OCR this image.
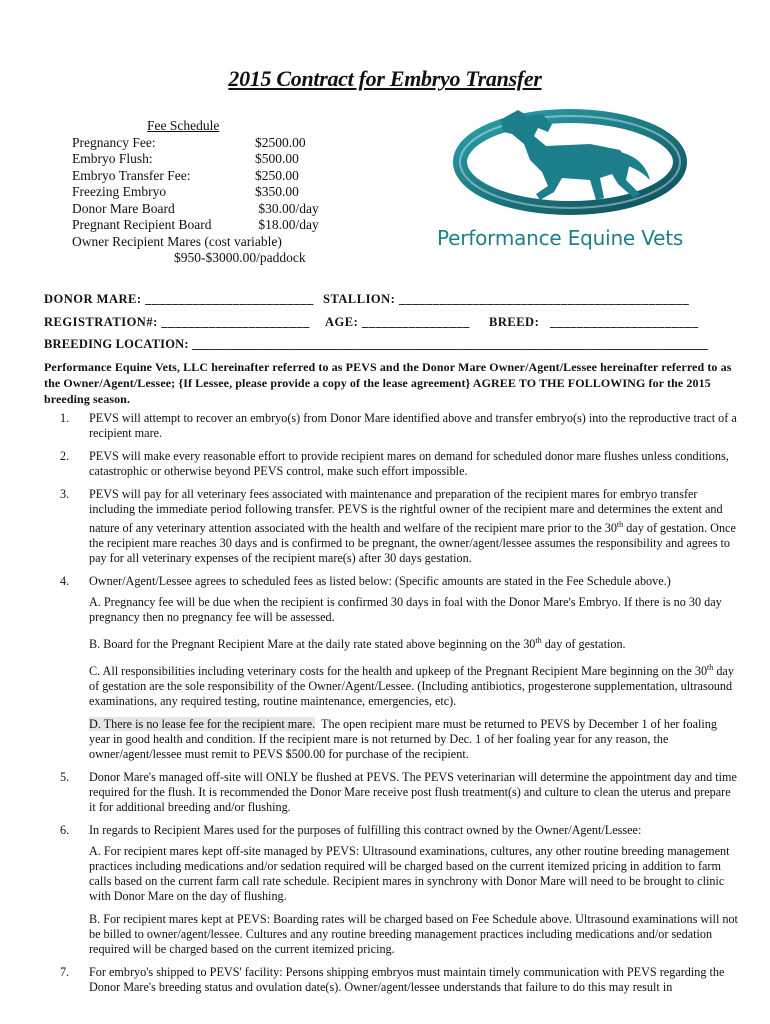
2015 Contract for Embryo Transfer
Fee Schedule
Pregnancy Fee:	$2500.00
Embryo Flush:	$500.00
Embryo Transfer Fee:	$250.00
Freezing Embryo	$350.00
Donor Mare Board	$30.00/day
Pregnant Recipient Board	$18.00/day
Owner Recipient Mares (cost variable)
$950-$3000.00/paddock
Performance Equine Vets
DONOR MARE: _________________________ STALLION: ___________________________________________
REGISTRATION#: ______________________ AGE: ________________ BREED:   ______________________
BREEDING LOCATION: ________________________________________________________________________________
Performance Equine Vets, LLC hereinafter referred to as PEVS and the Donor Mare Owner/Agent/Lessee hereinafter referred to as the Owner/Agent/Lessee; {If Lessee, please provide a copy of the lease agreement} AGREE TO THE FOLLOWING for the 2015 breeding season.
1.	PEVS will attempt to recover an embryo(s) from Donor Mare identified above and transfer embryo(s) into the reproductive tract of a recipient mare.
2.	PEVS will make every reasonable effort to provide recipient mares on demand for scheduled donor mare flushes unless conditions, catastrophic or otherwise beyond PEVS control, make such effort impossible.
3.	PEVS will pay for all veterinary fees associated with maintenance and preparation of the recipient mares for embryo transfer including the immediate period following transfer. PEVS is the rightful owner of the recipient mare and determines the extent and nature of any veterinary attention associated with the health and welfare of the recipient mare prior to the 30th day of gestation. Once the recipient mare reaches 30 days and is confirmed to be pregnant, the owner/agent/lessee assumes the responsibility and agrees to pay for all veterinary expenses of the recipient mare(s) after 30 days gestation.
4.	Owner/Agent/Lessee agrees to scheduled fees as listed below: (Specific amounts are stated in the Fee Schedule above.)
A. Pregnancy fee will be due when the recipient is confirmed 30 days in foal with the Donor Mare's Embryo. If there is no 30 day pregnancy then no pregnancy fee will be assessed.
B. Board for the Pregnant Recipient Mare at the daily rate stated above beginning on the 30th day of gestation.
C. All responsibilities including veterinary costs for the health and upkeep of the Pregnant Recipient Mare beginning on the 30th day of gestation are the sole responsibility of the Owner/Agent/Lessee. (Including antibiotics, progesterone supplementation, ultrasound examinations, any required testing, routine maintenance, emergencies, etc).
D. There is no lease fee for the recipient mare.  The open recipient mare must be returned to PEVS by December 1 of her foaling year in good health and condition. If the recipient mare is not returned by Dec. 1 of her foaling year for any reason, the owner/agent/lessee must remit to PEVS $500.00 for purchase of the recipient.
5.	Donor Mare's managed off-site will ONLY be flushed at PEVS. The PEVS veterinarian will determine the appointment day and time required for the flush. It is recommended the Donor Mare receive post flush treatment(s) and culture to clean the uterus and prepare it for additional breeding and/or flushing.
6.	In regards to Recipient Mares used for the purposes of fulfilling this contract owned by the Owner/Agent/Lessee:
A. For recipient mares kept off-site managed by PEVS: Ultrasound examinations, cultures, any other routine breeding management practices including medications and/or sedation required will be charged based on the current itemized pricing in addition to farm calls based on the current farm call rate schedule. Recipient mares in synchrony with Donor Mare will need to be brought to clinic with Donor Mare on the day of flushing.
B. For recipient mares kept at PEVS: Boarding rates will be charged based on Fee Schedule above. Ultrasound examinations will not be billed to owner/agent/lessee. Cultures and any routine breeding management practices including medications and/or sedation required will be charged based on the current itemized pricing.
7.	For embryo's shipped to PEVS' facility: Persons shipping embryos must maintain timely communication with PEVS regarding the Donor Mare's breeding status and ovulation date(s). Owner/agent/lessee understands that failure to do this may result in
